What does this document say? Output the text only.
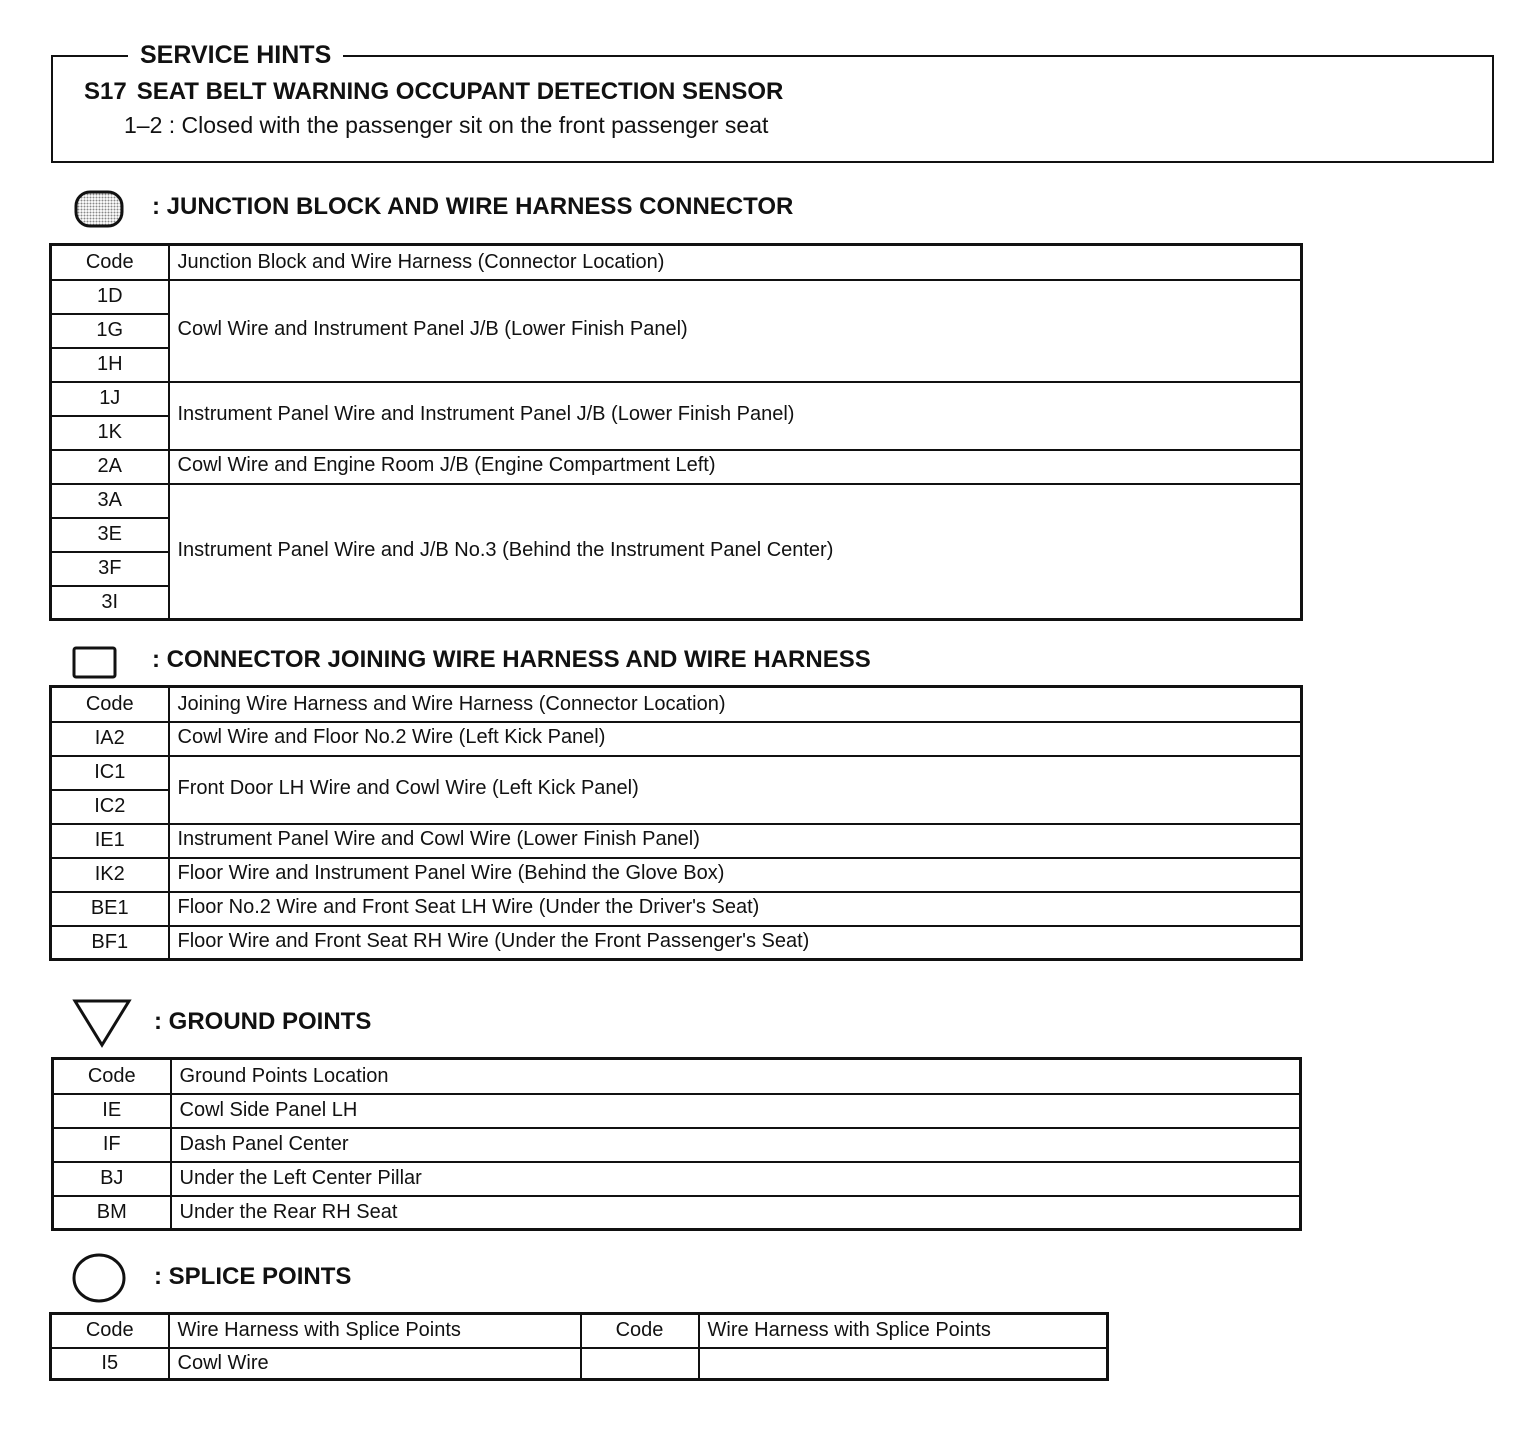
SERVICE HINTS
S17 SEAT BELT WARNING OCCUPANT DETECTION SENSOR
1–2 : Closed with the passenger sit on the front passenger seat
: JUNCTION BLOCK AND WIRE HARNESS CONNECTOR
Code	Junction Block and Wire Harness (Connector Location)
1D	Cowl Wire and Instrument Panel J/B (Lower Finish Panel)
1G	
1H	
1J	Instrument Panel Wire and Instrument Panel J/B (Lower Finish Panel)
1K	
2A	Cowl Wire and Engine Room J/B (Engine Compartment Left)
3A	Instrument Panel Wire and J/B No.3 (Behind the Instrument Panel Center)
3E	
3F	
3I	
: CONNECTOR JOINING WIRE HARNESS AND WIRE HARNESS
Code	Joining Wire Harness and Wire Harness (Connector Location)
IA2	Cowl Wire and Floor No.2 Wire (Left Kick Panel)
IC1	Front Door LH Wire and Cowl Wire (Left Kick Panel)
IC2	
IE1	Instrument Panel Wire and Cowl Wire (Lower Finish Panel)
IK2	Floor Wire and Instrument Panel Wire (Behind the Glove Box)
BE1	Floor No.2 Wire and Front Seat LH Wire (Under the Driver's Seat)
BF1	Floor Wire and Front Seat RH Wire (Under the Front Passenger's Seat)
: GROUND POINTS
Code	Ground Points Location
IE	Cowl Side Panel LH
IF	Dash Panel Center
BJ	Under the Left Center Pillar
BM	Under the Rear RH Seat
: SPLICE POINTS
Code	Wire Harness with Splice Points	Code	Wire Harness with Splice Points
I5	Cowl Wire		
